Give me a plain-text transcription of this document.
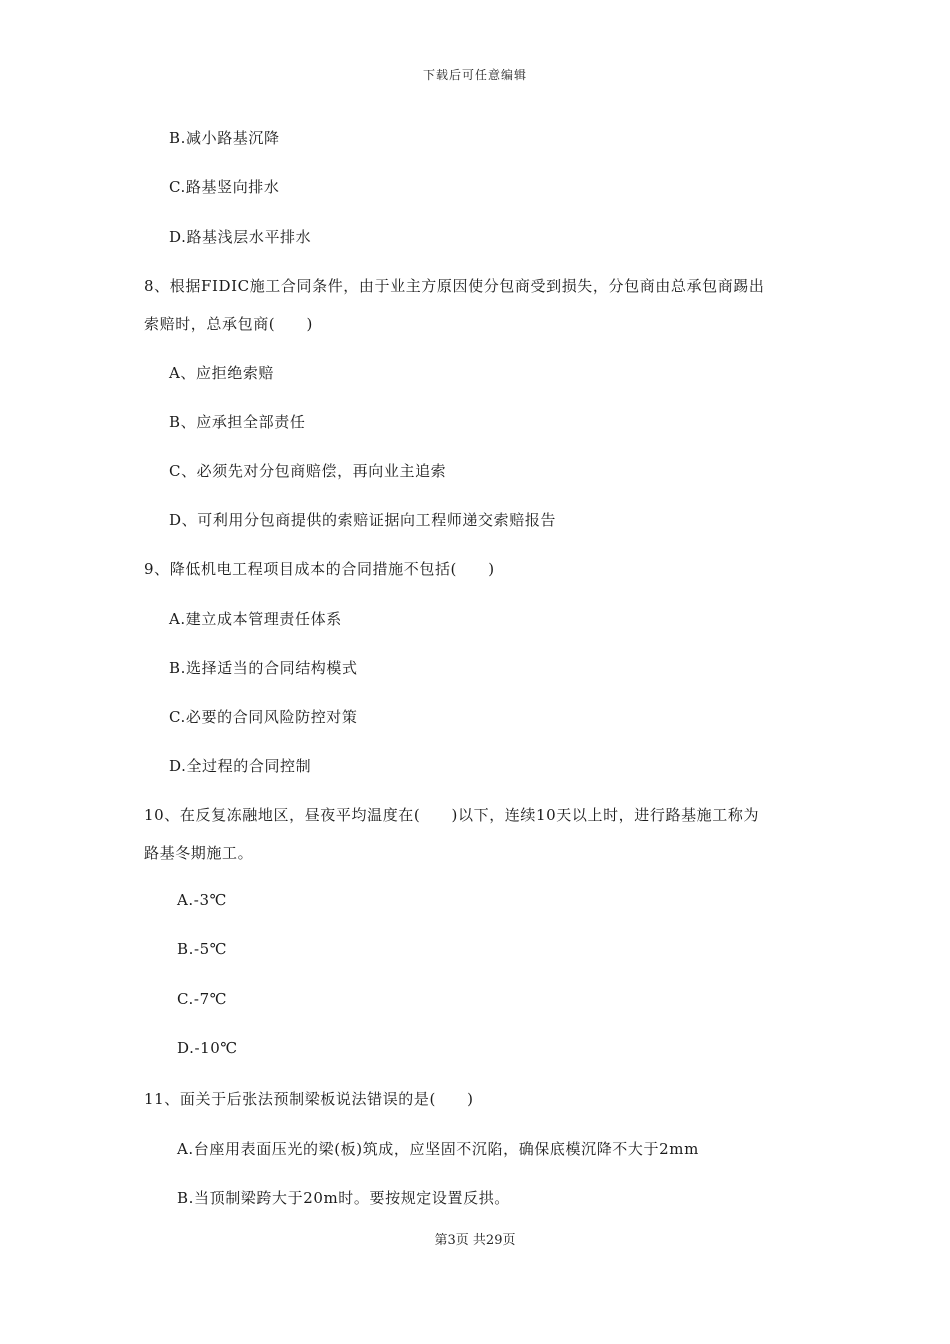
下载后可任意编辑
B.减小路基沉降
C.路基竖向排水
D.路基浅层水平排水
8、根据FIDIC施工合同条件，由于业主方原因使分包商受到损失，分包商由总承包商踢出
索赔时，总承包商(　　)
A、应拒绝索赔
B、应承担全部责任
C、必须先对分包商赔偿，再向业主追索
D、可利用分包商提供的索赔证据向工程师递交索赔报告
9、降低机电工程项目成本的合同措施不包括(　　)
A.建立成本管理责任体系
B.选择适当的合同结构模式
C.必要的合同风险防控对策
D.全过程的合同控制
10、在反复冻融地区，昼夜平均温度在(　　)以下，连续10天以上时，进行路基施工称为
路基冬期施工。
A.-3℃
B.-5℃
C.-7℃
D.-10℃
11、面关于后张法预制梁板说法错误的是(　　)
A.台座用表面压光的梁(板)筑成，应坚固不沉陷，确保底模沉降不大于2mm
B.当顶制梁跨大于20m时。要按规定设置反拱。
第3页 共29页
